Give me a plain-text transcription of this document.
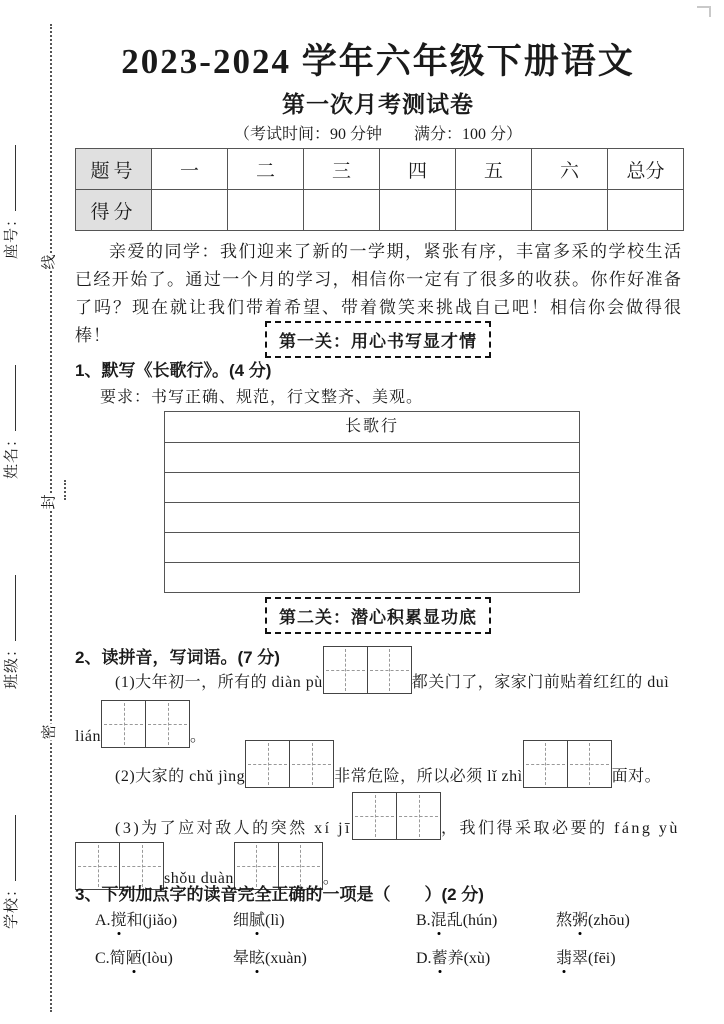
线
封
密
座号：
姓名：
班级：
学校：
2023-2024 学年六年级下册语文
第一次月考测试卷
（考试时间：90 分钟　　满分：100 分）
题号	一	二	三	四	五	六	总分
得分							
亲爱的同学：我们迎来了新的一学期，紧张有序，丰富多采的学校生活已经开始了。通过一个月的学习，相信你一定有了很多的收获。你作好准备了吗？现在就让我们带着希望、带着微笑来挑战自己吧！相信你会做得很棒！	第一关：用心书写显才情
1、默写《长歌行》。(4 分)
要求：书写正确、规范，行文整齐、美观。
长歌行
第二关：潜心积累显功底
2、读拼音，写词语。(7 分)
(1)大年初一，所有的 diàn pù	都关门了，家家门前贴着红红的 duì
lián	。
(2)大家的 chǔ jìng	非常危险，所以必须 lǐ zhì	面对。
(3)为了应对敌人的突然 xí jī	，我们得采取必要的 fáng yù
shǒu duàn	。
3、下列加点字的读音完全正确的一项是（　　）(2 分)
A.搅和(jiǎo)	细腻(lì)	B.混乱(hún)	熬粥(zhōu)
C.简陋(lòu)	晕眩(xuàn)	D.蓄养(xù)	翡翠(fēi)
